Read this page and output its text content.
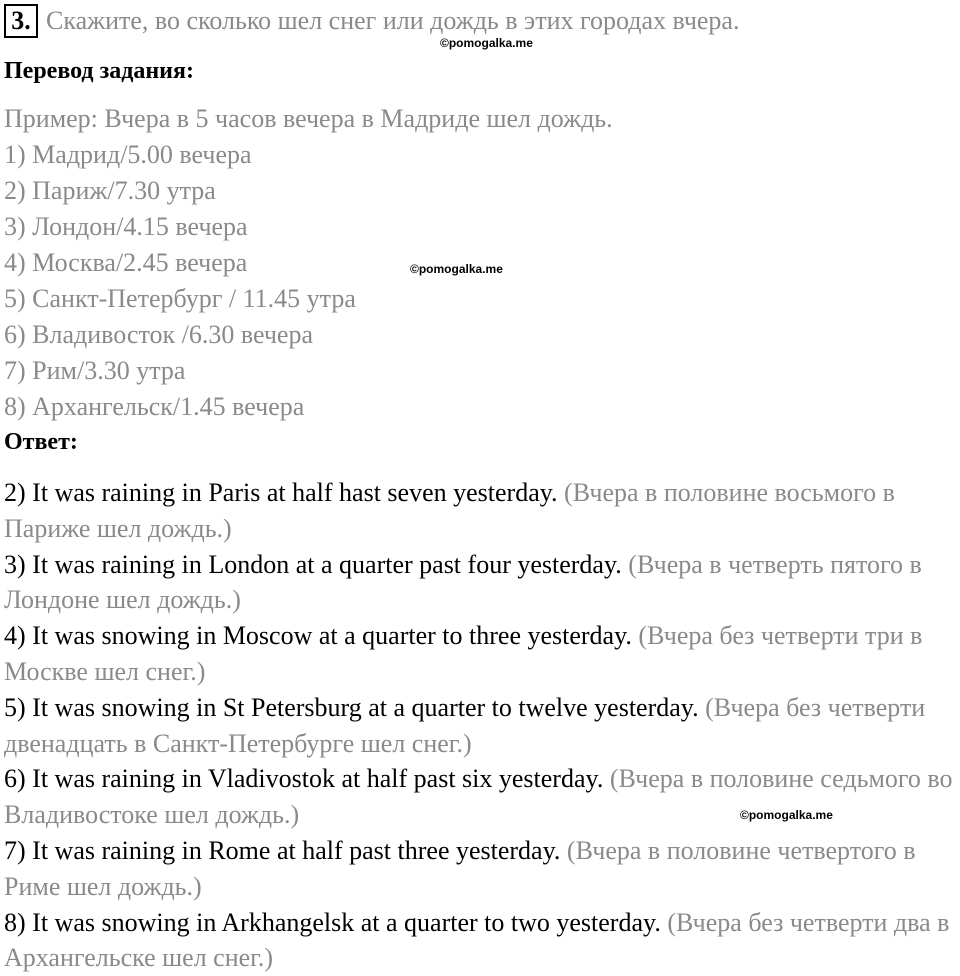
3. Скажите, во сколько шел снег или дождь в этих городах вчера.
©pomogalka.me
Перевод задания:
Пример: Вчера в 5 часов вечера в Мадриде шел дождь.
1) Мадрид/5.00 вечера
2) Париж/7.30 утра
3) Лондон/4.15 вечера
4) Москва/2.45 вечера
5) Санкт-Петербург / 11.45 утра
6) Владивосток /6.30 вечера
7) Рим/3.30 утра
8) Архангельск/1.45 вечера
©pomogalka.me
Ответ:

2) It was raining in Paris at half hast seven yesterday. (Вчера в половине восьмого в Париже шел дождь.)

3) It was raining in London at a quarter past four yesterday. (Вчера в четверть пятого в Лондоне шел дождь.)

4) It was snowing in Moscow at a quarter to three yesterday. (Вчера без четверти три в Москве шел снег.)

5) It was snowing in St Petersburg at a quarter to twelve yesterday. (Вчера без четверти двенадцать в Санкт-Петербурге шел снег.)

6) It was raining in Vladivostok at half past six yesterday. (Вчера в половине седьмого во Владивостоке шел дождь.)

7) It was raining in Rome at half past three yesterday. (Вчера в половине четвертого в Риме шел дождь.)

8) It was snowing in Arkhangelsk at a quarter to two yesterday. (Вчера без четверти два в Архангельске шел снег.)

©pomogalka.me
